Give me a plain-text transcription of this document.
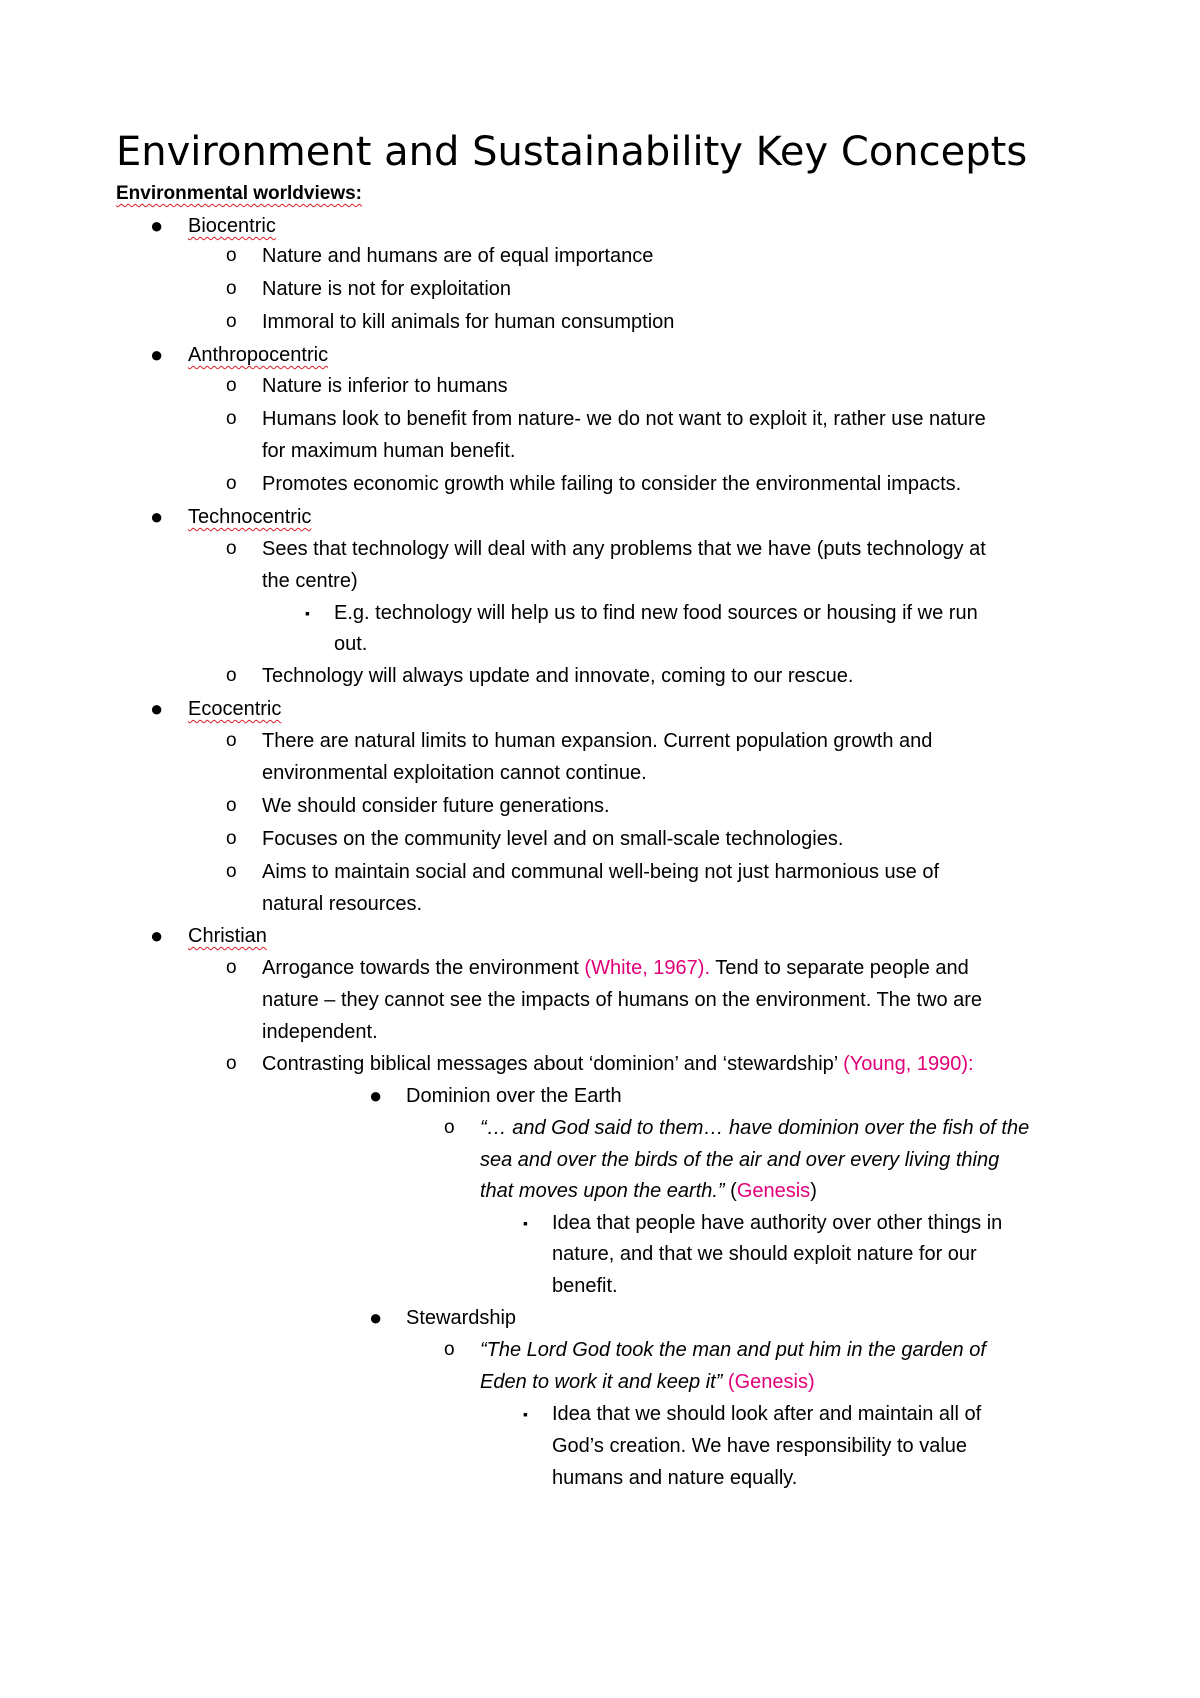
Environment and Sustainability Key Concepts
Environmental worldviews:
● Biocentric
o Nature and humans are of equal importance
o Nature is not for exploitation
o Immoral to kill animals for human consumption
● Anthropocentric
o Nature is inferior to humans
o Humans look to benefit from nature- we do not want to exploit it, rather use nature
for maximum human benefit.
o Promotes economic growth while failing to consider the environmental impacts.
● Technocentric
o Sees that technology will deal with any problems that we have (puts technology at
the centre)
▪ E.g. technology will help us to find new food sources or housing if we run
out.
o Technology will always update and innovate, coming to our rescue.
● Ecocentric
o There are natural limits to human expansion. Current population growth and
environmental exploitation cannot continue.
o We should consider future generations.
o Focuses on the community level and on small-scale technologies.
o Aims to maintain social and communal well-being not just harmonious use of
natural resources.
● Christian
o Arrogance towards the environment (White, 1967). Tend to separate people and
nature – they cannot see the impacts of humans on the environment. The two are
independent.
o Contrasting biblical messages about ‘dominion’ and ‘stewardship’ (Young, 1990):
● Dominion over the Earth
o “… and God said to them… have dominion over the fish of the
sea and over the birds of the air and over every living thing
that moves upon the earth.” (Genesis)
▪ Idea that people have authority over other things in
nature, and that we should exploit nature for our
benefit.
● Stewardship
o “The Lord God took the man and put him in the garden of
Eden to work it and keep it” (Genesis)
▪ Idea that we should look after and maintain all of
God’s creation. We have responsibility to value
humans and nature equally.
